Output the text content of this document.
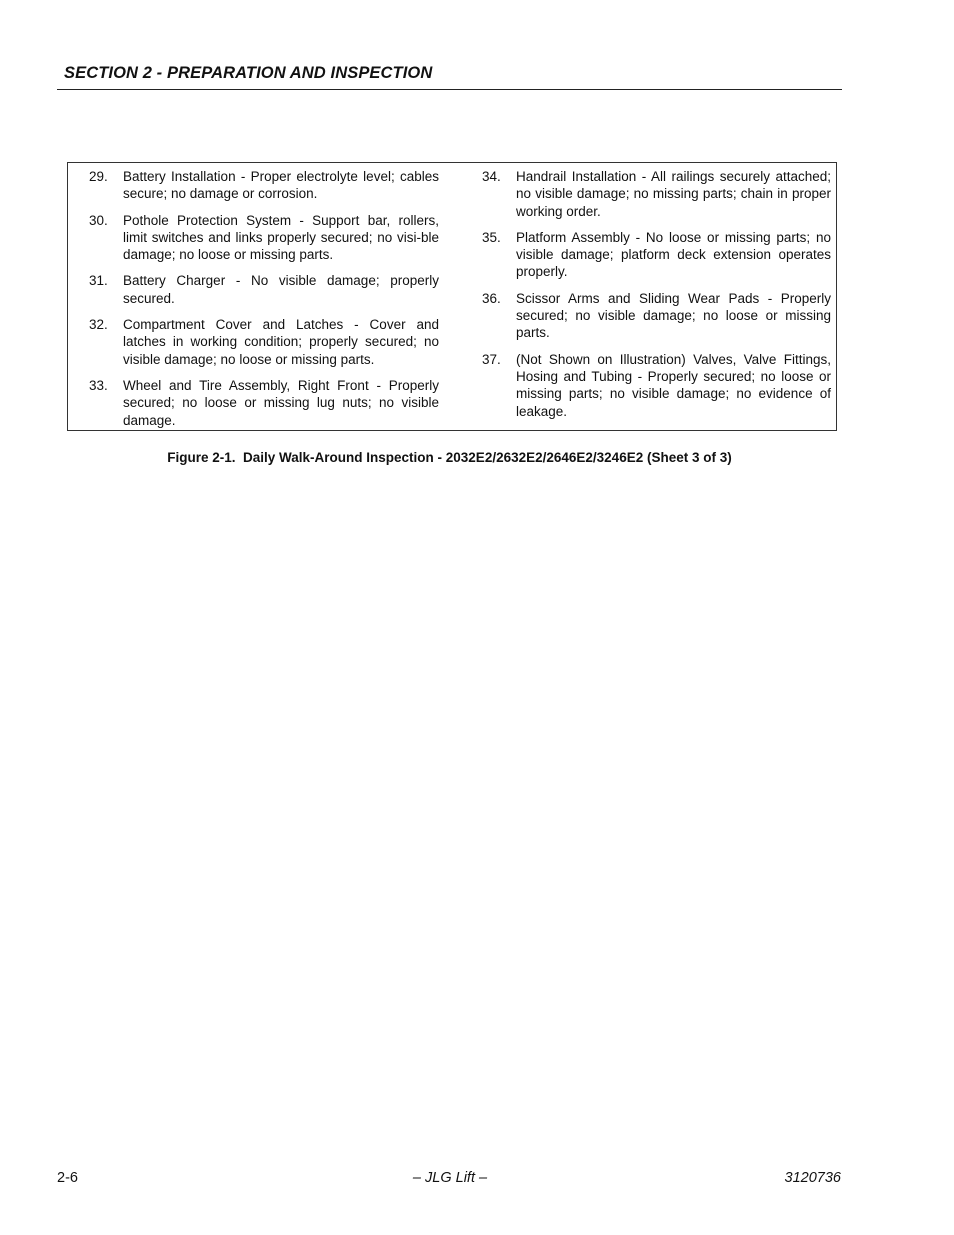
SECTION 2 - PREPARATION AND INSPECTION
29.	Battery Installation - Proper electrolyte level; cables secure; no damage or corrosion.
30.	Pothole Protection System - Support bar, rollers, limit switches and links properly secured; no visi-ble damage; no loose or missing parts.
31.	Battery Charger - No visible damage; properly secured.
32.	Compartment Cover and Latches - Cover and latches in working condition; properly secured; no visible damage; no loose or missing parts.
33.	Wheel and Tire Assembly, Right Front - Properly secured; no loose or missing lug nuts; no visible damage.
34.	Handrail Installation - All railings securely attached; no visible damage; no missing parts; chain in proper working order.
35.	Platform Assembly - No loose or missing parts; no visible damage; platform deck extension operates properly.
36.	Scissor Arms and Sliding Wear Pads - Properly secured; no visible damage; no loose or missing parts.
37.	(Not Shown on Illustration) Valves, Valve Fittings, Hosing and Tubing - Properly secured; no loose or missing parts; no visible damage; no evidence of leakage.
Figure 2-1.  Daily Walk-Around Inspection - 2032E2/2632E2/2646E2/3246E2 (Sheet 3 of 3)
2-6	– JLG Lift –	3120736
